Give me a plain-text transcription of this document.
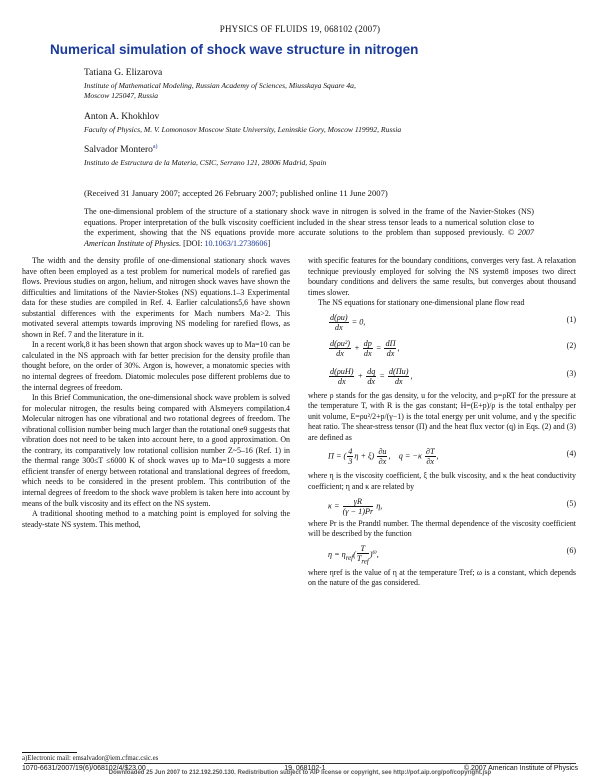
PHYSICS OF FLUIDS 19, 068102 (2007)
Numerical simulation of shock wave structure in nitrogen
Tatiana G. Elizarova
Institute of Mathematical Modeling, Russian Academy of Sciences, Miusskaya Square 4a,
Moscow 125047, Russia
Anton A. Khokhlov
Faculty of Physics, M. V. Lomonosov Moscow State University, Leninskie Gory, Moscow 119992, Russia
Salvador Montero$^{a)}$
Instituto de Estructura de la Materia, CSIC, Serrano 121, 28006 Madrid, Spain
(Received 31 January 2007; accepted 26 February 2007; published online 11 June 2007)
The one-dimensional problem of the structure of a stationary shock wave in nitrogen is solved in the frame of the Navier-Stokes (NS) equations. Proper interpretation of the bulk viscosity coefficient included in the shear stress tensor leads to a numerical solution close to the experiment, showing that the NS equations provide more accurate solutions to the problem than supposed previously. © 2007 American Institute of Physics. [DOI: 10.1063/1.2738606]

The width and the density profile of one-dimensional stationary shock waves have often been employed as a test problem for numerical models of rarefied gas flows. Previous studies on argon, helium, and nitrogen shock waves have shown the difficulties and limitations of the Navier-Stokes (NS) equations.1–3 Experimental data for these studies are compiled in Ref. 4. Earlier calculations5,6 have shown substantial differences with the experiments for Mach numbers Ma>2. This motivated several attempts towards improving NS modeling for rarefied flows, as shown in Ref. 7 and the literature in it.

In a recent work,8 it has been shown that argon shock waves up to Ma=10 can be calculated in the NS approach with far better precision for the density profile than thought before, on the order of 30%. Argon is, however, a monatomic species with no internal degrees of freedom. Diatomic molecules pose different problems due to the internal degrees of freedom.

In this Brief Communication, the one-dimensional shock wave problem is solved for molecular nitrogen, the results being compared with Alsmeyers compilation.4 Molecular nitrogen has one vibrational and two rotational degrees of freedom. The vibrational collision number being much larger than the rotational one9 suggests that vibration does not need to be taken into account here, to a good approximation. On the contrary, its comparatively low rotational collision number Z~5–16 (Ref. 1) in the thermal range 300≤T ≤6000 K of shock waves up to Ma=10 suggests a more efficient transfer of energy between rotational and translational degrees of freedom, which needs to be considered in the present problem. This contribution of the internal degrees of freedom to the shock wave problem is taken here into account by means of the bulk viscosity and its effect on the NS system.

A traditional shooting method to a matching point is employed for solving the steady-state NS system. This method,

with specific features for the boundary conditions, converges very fast. A relaxation technique previously employed for solving the NS system8 imposes two direct boundary conditions and delivers the same results, but converges about thousand times slower.

The NS equations for stationary one-dimensional plane flow read

$\frac{d(\rho u)}{dx} = 0$,	(1)
$\frac{\text{d(ρu²)}}{dx} + \frac{dp}{dx} = \frac{d\Pi}{dx}$ ,	(2)
$\frac{\text{d(ρuH)}}{dx} + \frac{dq}{dx} = \frac{d(\Pi u)}{dx}$ ,	(3)

where ρ stands for the gas density, u for the velocity, and p=ρRT for the pressure at the temperature T, with R is the gas constant; H=(E+p)/ρ is the total enthalpy per unit volume, E=ρu²/2+p/(γ−1) is the total energy per unit volume, and γ the specific heat ratio. The shear-stress tensor (Π) and the heat flux vector (q) in Eqs. (2) and (3) are defined as

Π = ( $\frac{4}{3}$ $\eta + \xi) \frac{\partial u}{\partial x}$ ,    $q = -\kappa \frac{\partial T}{\partial x}$ ,	(4)

where η is the viscosity coefficient, ξ the bulk viscosity, and κ the heat conductivity coefficient; η and κ are related by

$\kappa = \frac{\gamma R}{(\gamma - 1)Pr} \eta$,	(5)

where Pr is the Prandtl number. The thermal dependence of the viscosity coefficient will be described by the function

$\eta = \eta_{ref}( \frac{T}{T_{ref}} )^\omega$,	(6)

where ηref is the value of η at the temperature Tref; ω is a constant, which depends on the nature of the gas considered.

a)Electronic mail: emsalvador@iem.cfmac.csic.es
1070-6631/2007/19(6)/068102/4/$23.00	19, 068102-1	© 2007 American Institute of Physics
Downloaded 25 Jun 2007 to 212.192.250.130. Redistribution subject to AIP license or copyright, see http://pof.aip.org/pof/copyright.jsp
